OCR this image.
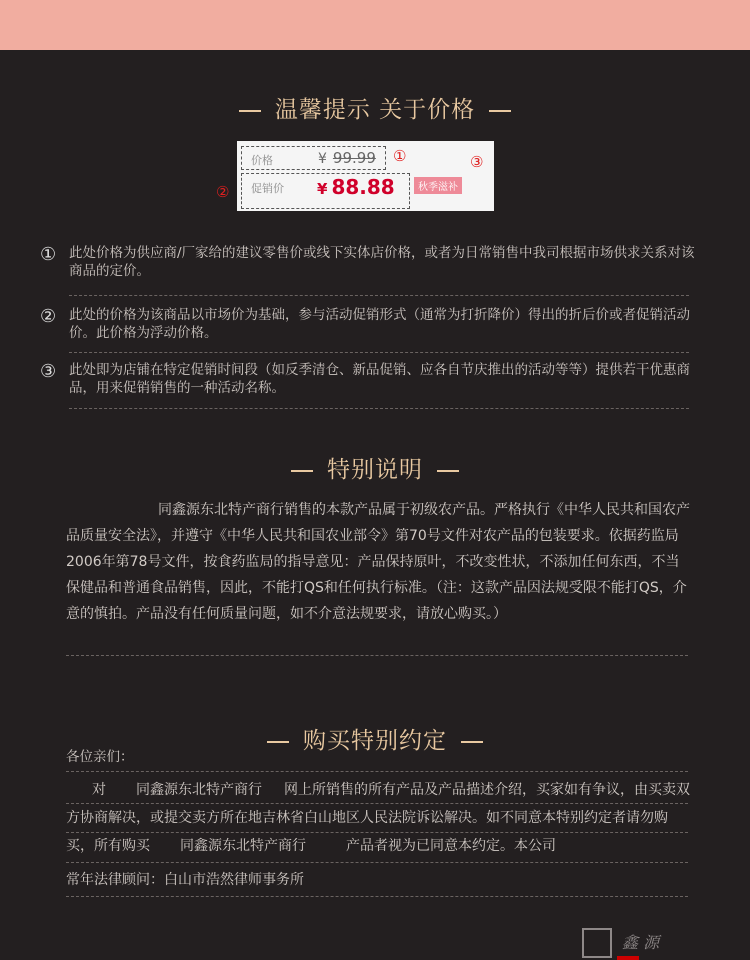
温馨提示 关于价格
价格	¥ 99.99 ①
促销价 ¥ 88.88	秋季滋补
③
②
① 此处价格为供应商/厂家给的建议零售价或线下实体店价格，或者为日常销售中我司根据市场供求关系对该商品的定价。
② 此处的价格为该商品以市场价为基础，参与活动促销形式（通常为打折降价）得出的折后价或者促销活动价。此价格为浮动价格。
③ 此处即为店铺在特定促销时间段（如反季清仓、新品促销、应各自节庆推出的活动等等）提供若干优惠商品，用来促销销售的一种活动名称。
特别说明
同鑫源东北特产商行销售的本款产品属于初级农产品。严格执行《中华人民共和国农产品质量安全法》，并遵守《中华人民共和国农业部令》第70号文件对农产品的包装要求。依据药监局2006年第78号文件，按食药监局的指导意见：产品保持原叶，不改变性状，不添加任何东西，不当保健品和普通食品销售，因此，不能打QS和任何执行标准。（注：这款产品因法规受限不能打QS，介意的慎拍。产品没有任何质量问题，如不介意法规要求，请放心购买。）
购买特别约定
各位亲们：
对 同鑫源东北特产商行 网上所销售的所有产品及产品描述介绍，买家如有争议，由买卖双方协商解决，或提交卖方所在地吉林省白山地区人民法院诉讼解决。如不同意本特别约定者请勿购买，所有购买 同鑫源东北特产商行	产品者视为已同意本约定。本公司
常年法律顾问：白山市浩然律师事务所
鑫 源
